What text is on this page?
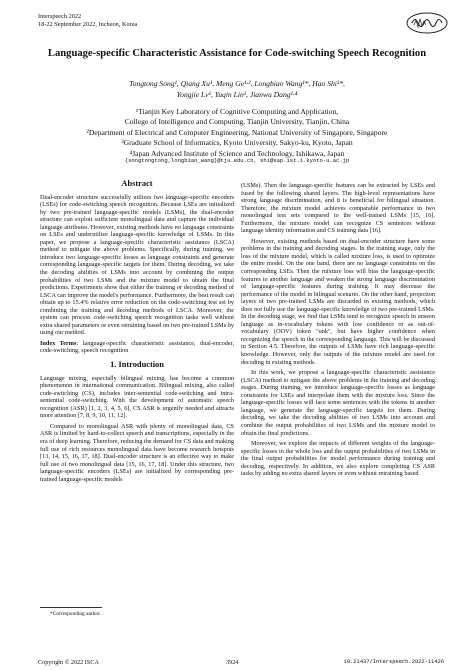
Interspeech 2022
18-22 September 2022, Incheon, Korea
Language-specific Characteristic Assistance for Code-switching Speech Recognition
Tongtong Song¹, Qiang Xu¹, Meng Ge¹·², Longbiao Wang¹*, Hao Shi³*,
Yongjie Lv¹, Yuqin Lin¹, Jianwu Dang¹·⁴
¹Tianjin Key Laboratory of Cognitive Computing and Application,
College of Intelligence and Computing, Tianjin University, Tianjin, China
²Department of Electrical and Computer Engineering, National University of Singapore, Singapore
³Graduate School of Informatics, Kyoto University, Sakyo-ku, Kyoto, Japan
⁴Japan Advanced Institute of Science and Technology, Ishikawa, Japan
{songtongtong,longbiao_wang}@tju.edu.cn, shi@sap.ist.i.kyoto-u.ac.jp
Abstract

Dual-encoder structure successfully utilizes two language-specific encoders (LSEs) for code-switching speech recognition. Because LSEs are initialized by two pre-trained language-specific models (LSMs), the dual-encoder structure can exploit sufficient monolingual data and capture the individual language attributes. However, existing methods have no language constraints on LSEs and underutilize language-specific knowledge of LSMs. In this paper, we propose a language-specific characteristic assistance (LSCA) method to mitigate the above problems. Specifically, during training, we introduce two language-specific losses as language constraints and generate corresponding language-specific targets for them. During decoding, we take the decoding abilities of LSMs into account by combining the output probabilities of two LSMs and the mixture model to obtain the final predictions. Experiments show that either the training or decoding method of LSCA can improve the model's performance. Furthermore, the best result can obtain up to 15.4% relative error reduction on the code-switching test set by combining the training and decoding methods of LSCA. Moreover, the system can process code-switching speech recognition tasks well without extra shared parameters or even retraining based on two pre-trained LSMs by using our method.

Index Terms: language-specific characteristic assistance, dual-encoder, code-switching, speech recognition

1. Introduction

Language mixing, especially bilingual mixing, has become a common phenomenon in international communication. Bilingual mixing, also called code-switching (CS), includes inter-sentential code-switching and intra-sentential code-switching. With the development of automatic speech recognition (ASR) [1, 2, 3, 4, 5, 6], CS ASR is urgently needed and attracts more attention [7, 8, 9, 10, 11, 12].

Compared to monolingual ASR with plenty of monolingual data, CS ASR is limited by hard-to-collect speech and transcriptions, especially in the era of deep learning. Therefore, reducing the demand for CS data and making full use of rich resources monolingual data have become research hotspots [13, 14, 15, 16, 17, 18]. Dual-encoder structure is an effective way to make full use of two monolingual data [15, 16, 17, 18]. Under this structure, two language-specific encoders (LSEs) are initialized by corresponding pre-trained language-specific models

(LSMs). Then the language-specific features can be extracted by LSEs and fused by the following shared layers. The high-level representations have strong language discrimination, and it is beneficial for bilingual situation. Therefore, the mixture model achieves comparable performance in two monolingual test sets compared to the well-trained LSMs [15, 16]. Furthermore, the mixture model can recognize CS sentences without language identity information and CS training data [16].

However, existing methods based on dual-encoder structure have some problems in the training and decoding stages. In the training stage, only the loss of the mixture model, which is called mixture loss, is used to optimize the entire model. On the one hand, there are no language constraints on the corresponding LSEs. Then the mixture loss will bias the language-specific features to another language and weaken the strong language discrimination of language-specific features during training. It may decrease the performance of the model in bilingual scenario. On the other hand, projection layers of two pre-trained LSMs are discarded in existing methods, which does not fully use the language-specific knowledge of two pre-trained LSMs. In the decoding stage, we find that LSMs tend to recognize speech in unseen language as in-vocabulary tokens with low confidence or as out-of-vocabulary (OOV) token "unk", but have higher confidence when recognizing the speech in the corresponding language. This will be discussed in Section 4.5. Therefore, the outputs of LSMs have rich language-specific knowledge. However, only the outputs of the mixture model are used for decoding in existing methods.

In this work, we propose a language-specific characteristic assistance (LSCA) method to mitigate the above problems in the training and decoding stages. During training, we introduce language-specific losses as language constraints for LSEs and interpolate them with the mixture loss. Since the language-specific losses will face some sentences with the tokens in another language, we generate the language-specific targets for them. During decoding, we take the decoding abilities of two LSMs into account and combine the output probabilities of two LSMs and the mixture model to obtain the final predictions.

Moreover, we explore the impacts of different weights of the language-specific losses in the whole loss and the output probabilities of two LSMs in the final output probabilities for model performance during training and decoding, respectively. In addition, we also explore completing CS ASR tasks by adding no extra shared layers or even without retraining based

*Corresponding author.
Copyright © 2022 ISCA	3924	10.21437/Interspeech.2022-11426
